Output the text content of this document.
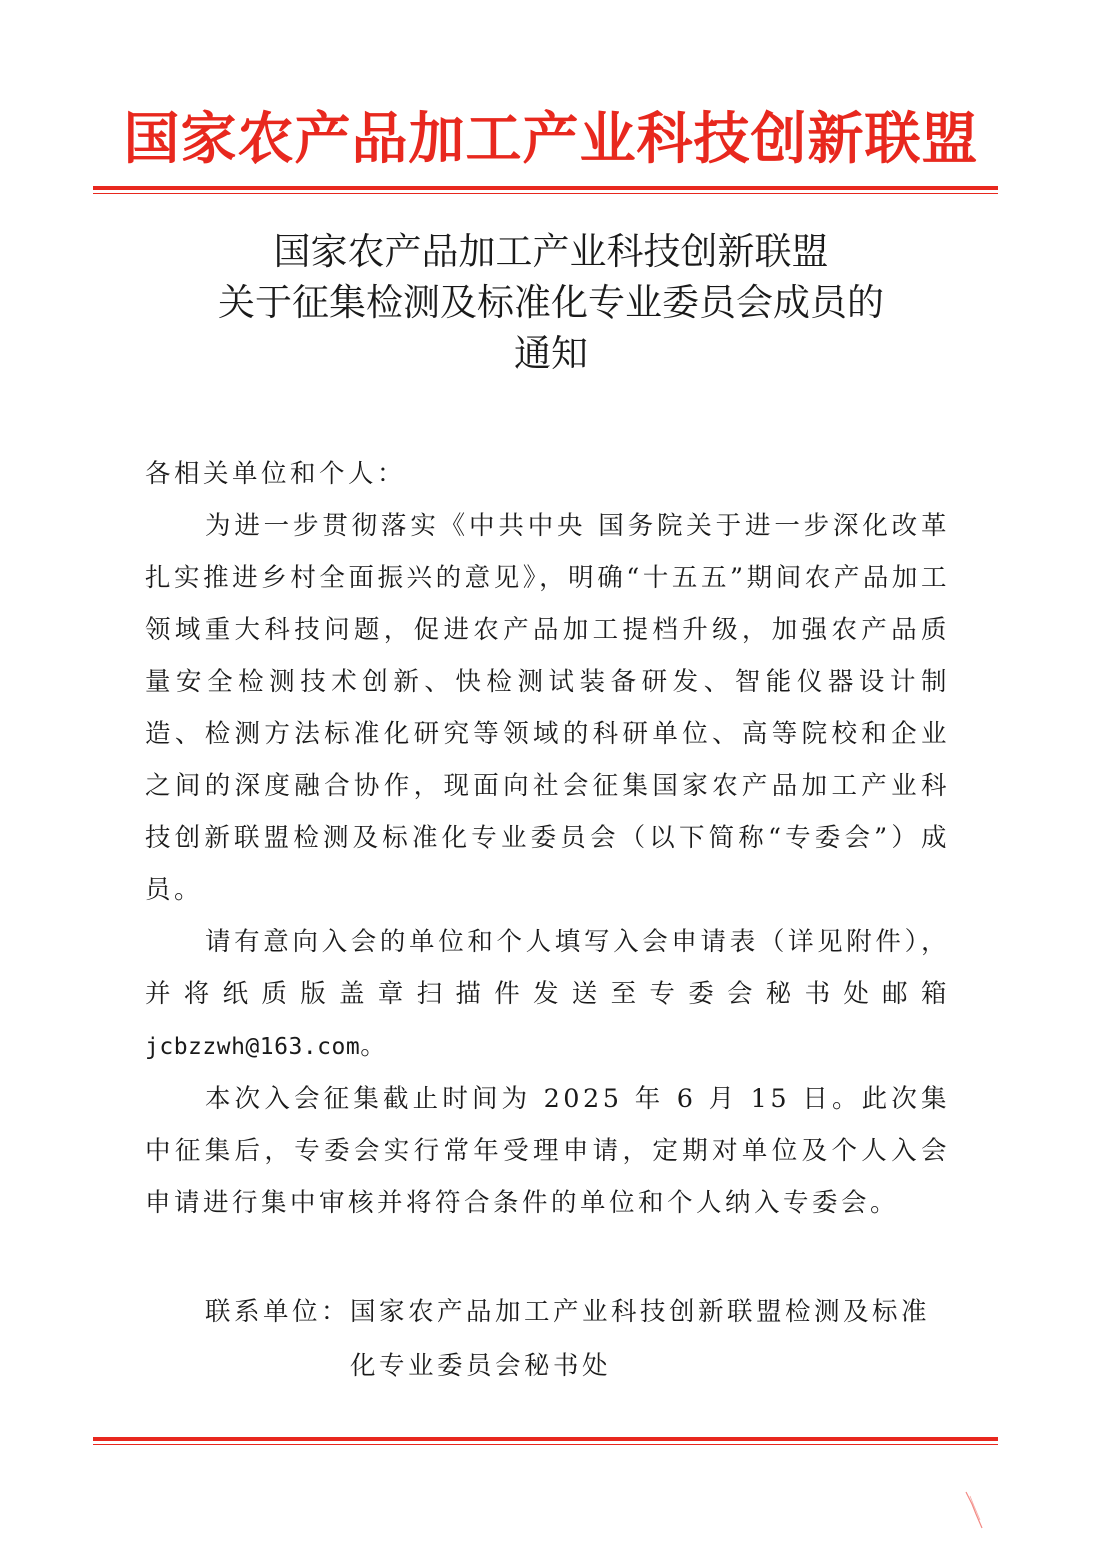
国家农产品加工产业科技创新联盟
国家农产品加工产业科技创新联盟
关于征集检测及标准化专业委员会成员的
通知

各相关单位和个人：

为进一步贯彻落实《中共中央 国务院关于进一步深化改革扎实推进乡村全面振兴的意见》，明确“十五五”期间农产品加工领域重大科技问题，促进农产品加工提档升级，加强农产品质量安全检测技术创新、快检测试装备研发、智能仪器设计制造、检测方法标准化研究等领域的科研单位、高等院校和企业之间的深度融合协作，现面向社会征集国家农产品加工产业科技创新联盟检测及标准化专业委员会（以下简称“专委会”）成员。

请有意向入会的单位和个人填写入会申请表（详见附件），并将纸质版盖章扫描件发送至专委会秘书处邮箱jcbzzwh@163.com。

本次入会征集截止时间为 2025 年 6 月 15 日。此次集中征集后，专委会实行常年受理申请，定期对单位及个人入会申请进行集中审核并将符合条件的单位和个人纳入专委会。

联系单位： 国家农产品加工产业科技创新联盟检测及标准化专业委员会秘书处
